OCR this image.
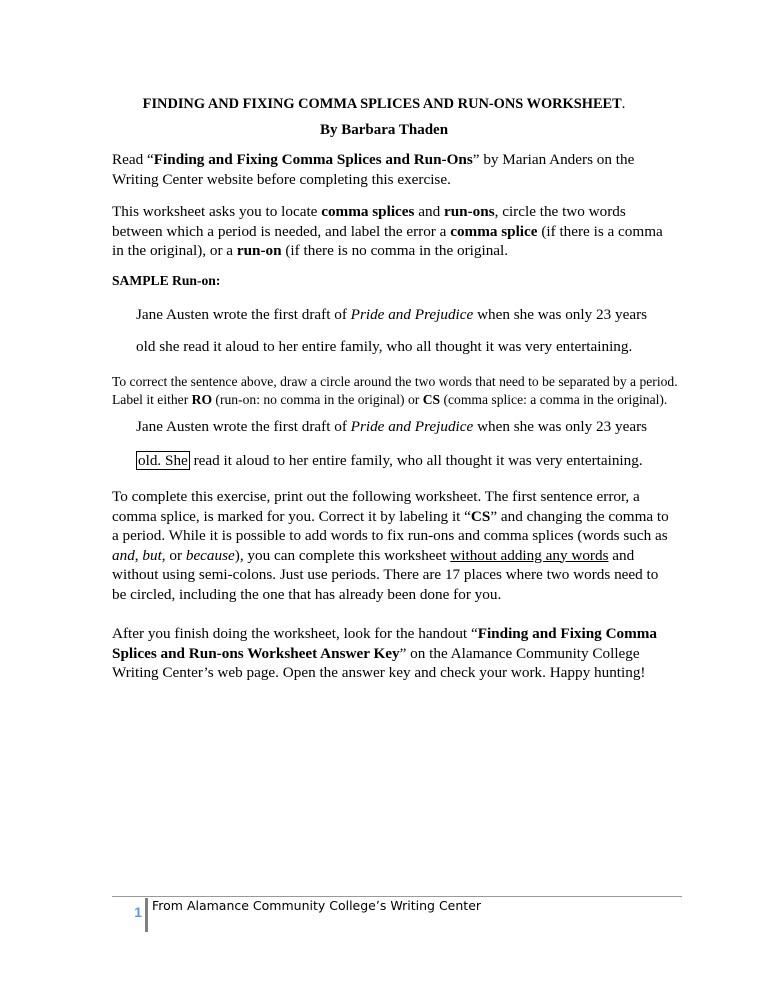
FINDING AND FIXING COMMA SPLICES AND RUN-ONS WORKSHEET.

By Barbara Thaden

Read “Finding and Fixing Comma Splices and Run-Ons” by Marian Anders on the Writing Center website before completing this exercise.

This worksheet asks you to locate comma splices and run-ons, circle the two words between which a period is needed, and label the error a comma splice (if there is a comma in the original), or a run-on (if there is no comma in the original.

SAMPLE Run-on:

Jane Austen wrote the first draft of Pride and Prejudice when she was only 23 years

old she read it aloud to her entire family, who all thought it was very entertaining.

To correct the sentence above, draw a circle around the two words that need to be separated by a period. Label it either RO (run-on: no comma in the original) or CS (comma splice: a comma in the original).

Jane Austen wrote the first draft of Pride and Prejudice when she was only 23 years

old. She read it aloud to her entire family, who all thought it was very entertaining.

To complete this exercise, print out the following worksheet. The first sentence error, a comma splice, is marked for you. Correct it by labeling it “CS” and changing the comma to a period. While it is possible to add words to fix run-ons and comma splices (words such as and, but, or because), you can complete this worksheet without adding any words and without using semi-colons. Just use periods. There are 17 places where two words need to be circled, including the one that has already been done for you.

After you finish doing the worksheet, look for the handout “Finding and Fixing Comma Splices and Run-ons Worksheet Answer Key” on the Alamance Community College Writing Center’s web page. Open the answer key and check your work. Happy hunting!

1 From Alamance Community College’s Writing Center
